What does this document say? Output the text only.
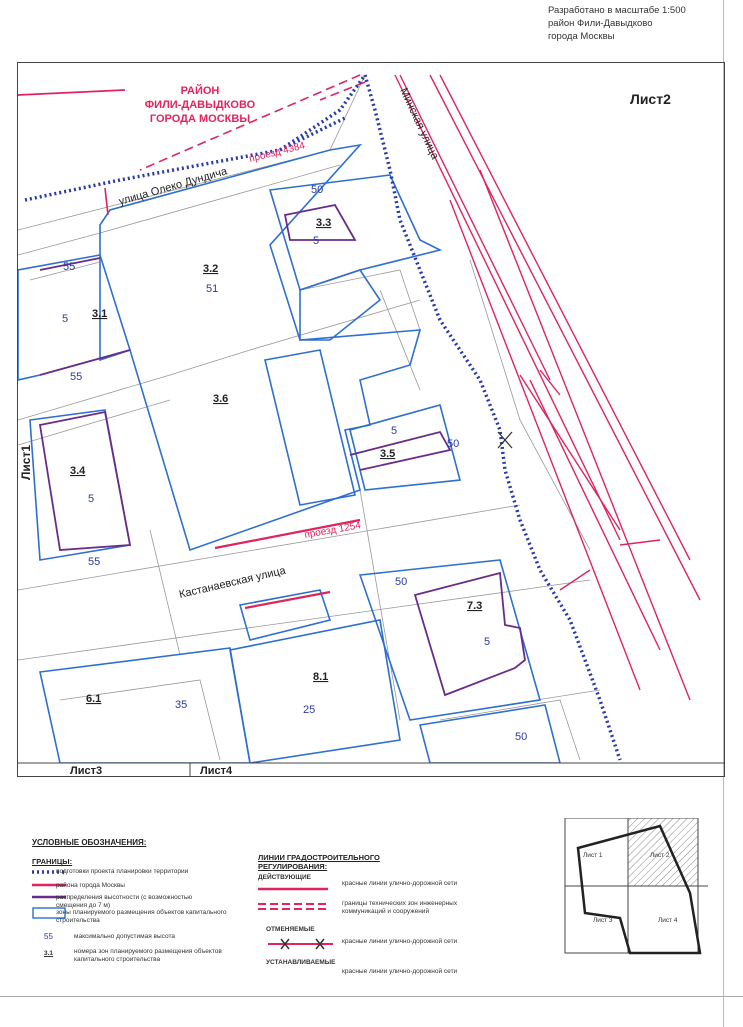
Разработано в масштабе 1:500
район Фили-Давыдково
города Москвы
РАЙОН
ФИЛИ-ДАВЫДКОВО
ГОРОДА МОСКВЫ
Лист2
Лист1
Лист3	Лист4
улица Олеко Дундича
Минская улица
Кастанаевская улица
проезд 4384
проезд 1254
3.1
3.2
3.3
3.4
3.5
3.6
6.1
7.3
8.1
5
51
5
5
5
35
5
25
55
55
55
50
50
50
50
УСЛОВНЫЕ ОБОЗНАЧЕНИЯ:
ГРАНИЦЫ:
подготовки проекта планировки территории
района города Москвы
распределения высотности (с возможностью смещения до 7 м)
зоны планируемого размещения объектов капитального строительства
55	максимально допустимая высота
3.1	номера зон планируемого размещения объектов капитального строительства
ЛИНИИ ГРАДОСТРОИТЕЛЬНОГО РЕГУЛИРОВАНИЯ:
ДЕЙСТВУЮЩИЕ
красные линии улично-дорожной сети
границы технических зон инженерных коммуникаций и сооружений
ОТМЕНЯЕМЫЕ
красные линии улично-дорожной сети
УСТАНАВЛИВАЕМЫЕ
красные линии улично-дорожной сети
Лист 1	Лист 2
Лист 3	Лист 4
